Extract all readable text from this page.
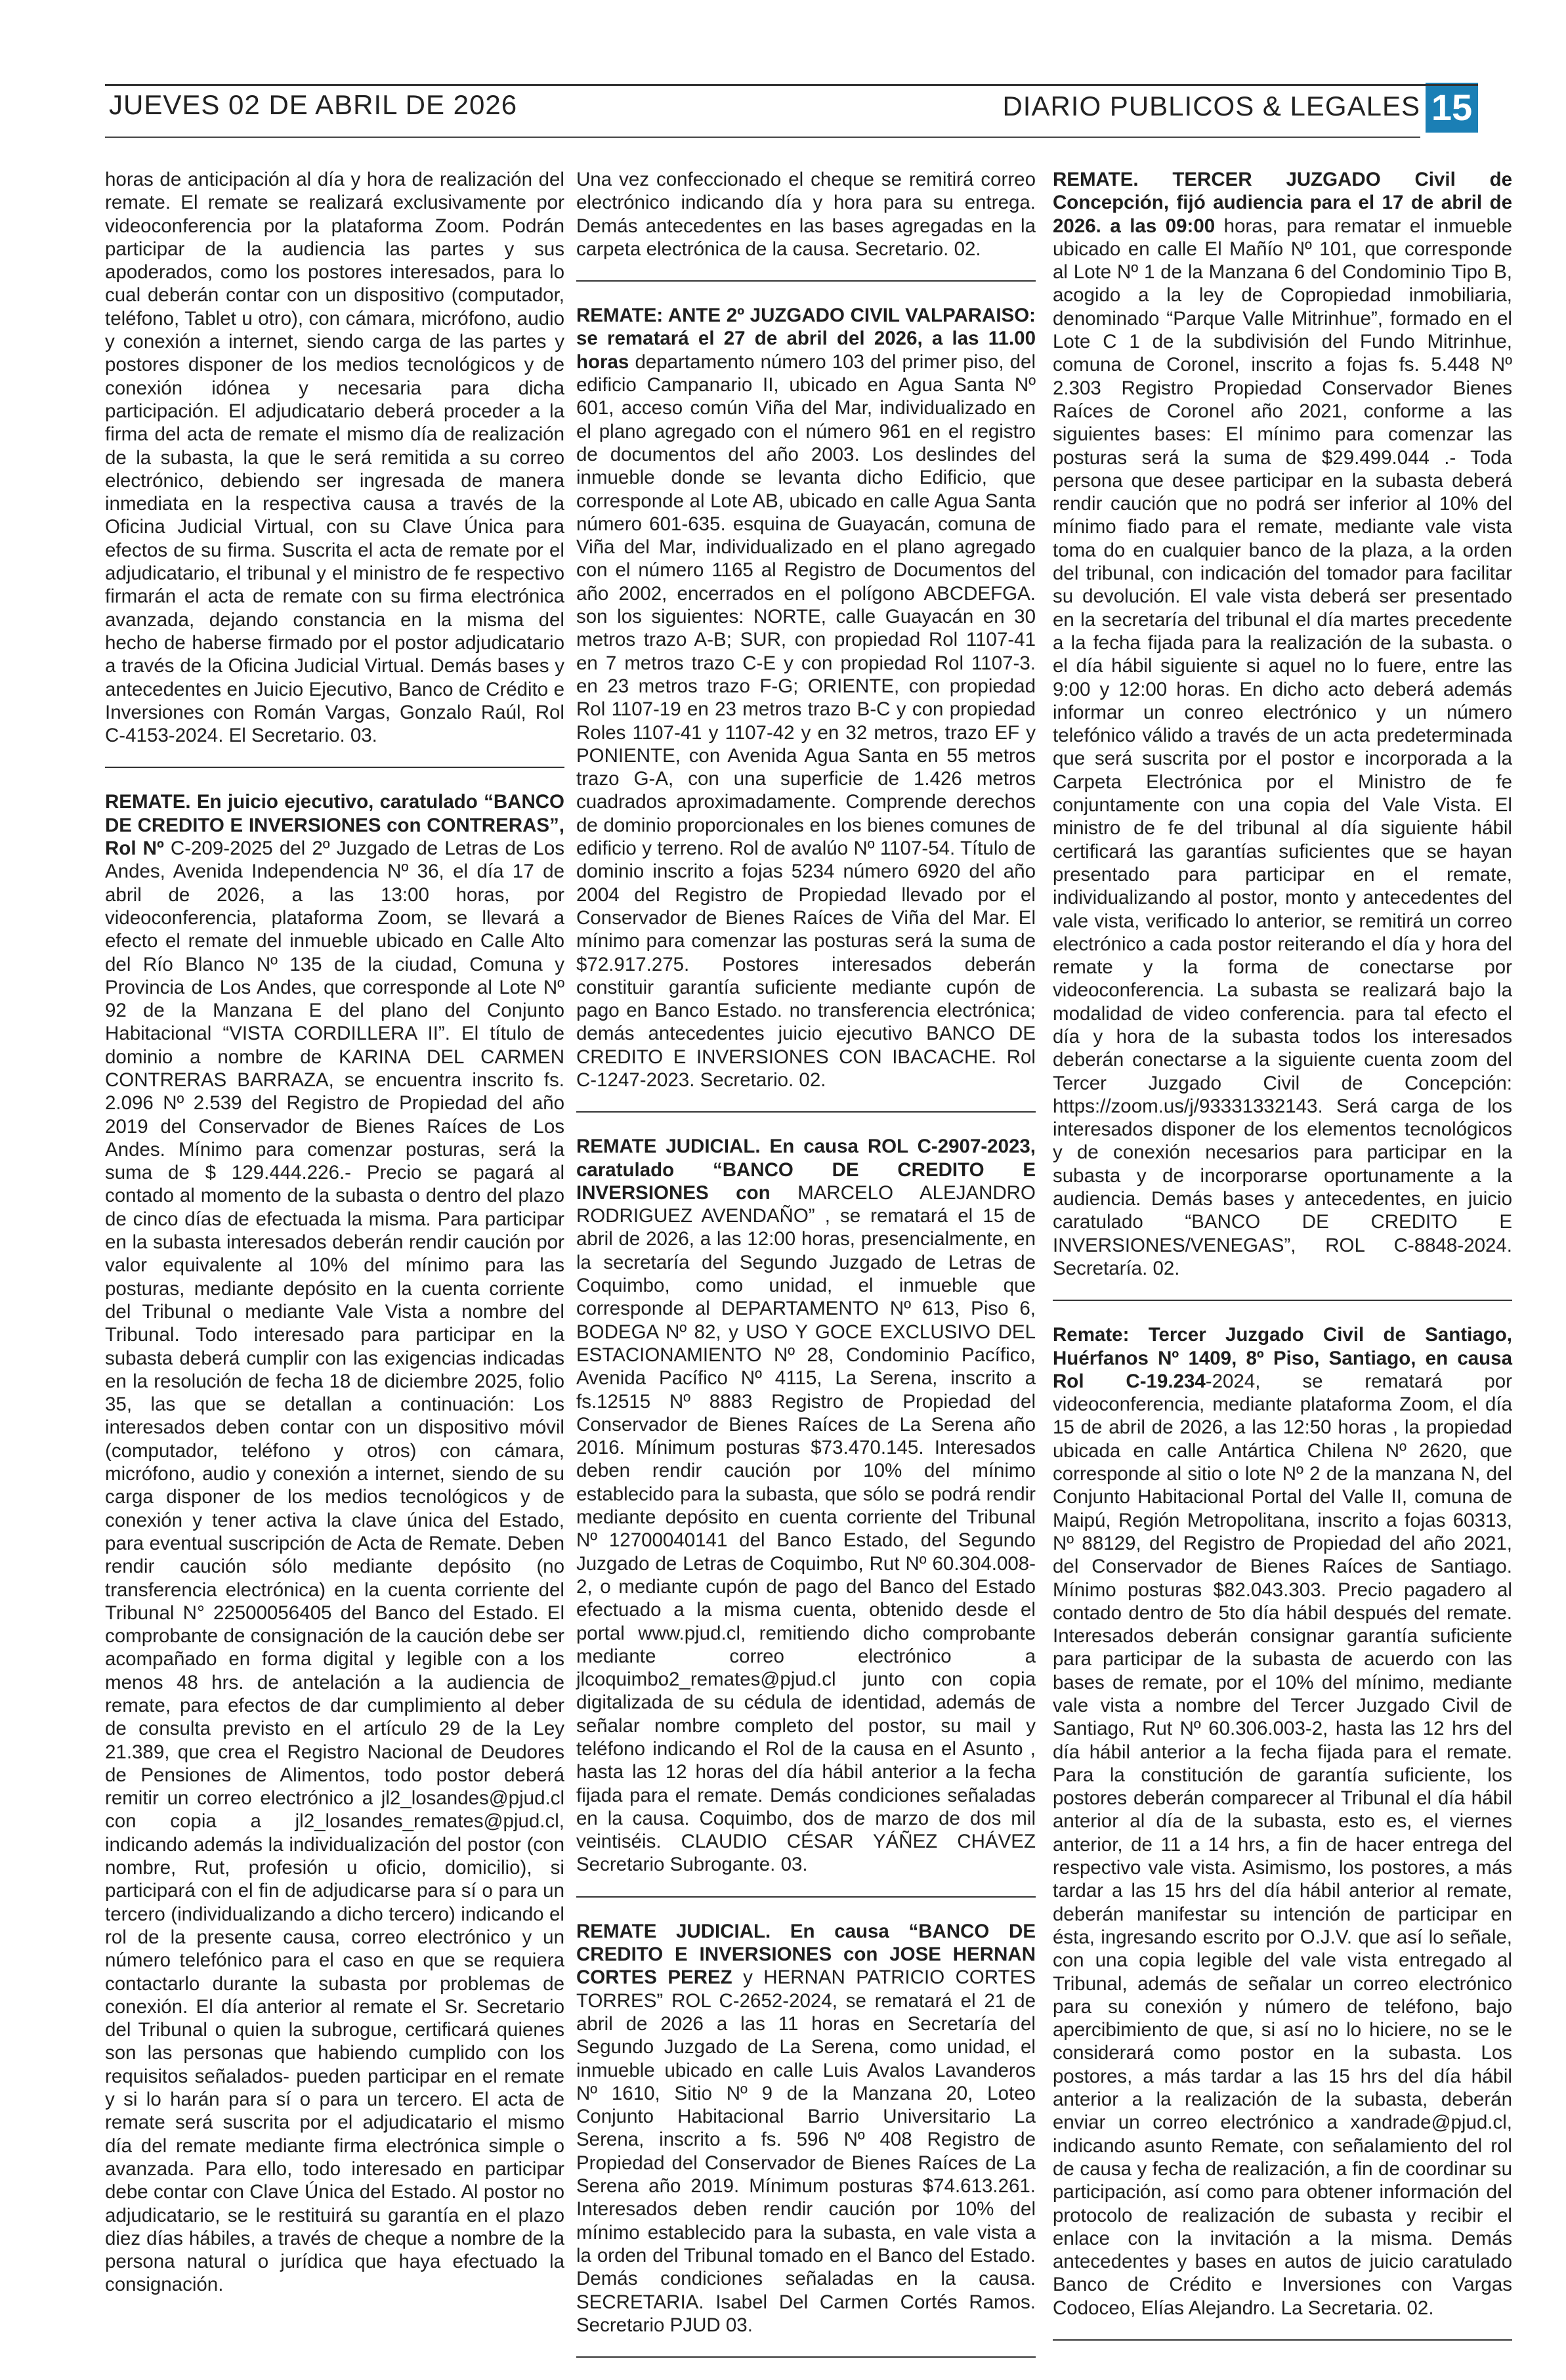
JUEVES 02 DE ABRIL DE 2026	DIARIO PUBLICOS & LEGALES 15

horas de anticipación al día y hora de realización del remate. El remate se realizará exclusivamente por videoconferencia por la plataforma Zoom. Podrán participar de la audiencia las partes y sus apoderados, como los postores interesados, para lo cual deberán contar con un dispositivo (computador, teléfono, Tablet u otro), con cámara, micrófono, audio y conexión a internet, siendo carga de las partes y postores disponer de los medios tecnológicos y de conexión idónea y necesaria para dicha participación. El adjudicatario deberá proceder a la firma del acta de remate el mismo día de realización de la subasta, la que le será remitida a su correo electrónico, debiendo ser ingresada de manera inmediata en la respectiva causa a través de la Oficina Judicial Virtual, con su Clave Única para efectos de su firma. Suscrita el acta de remate por el adjudicatario, el tribunal y el ministro de fe respectivo firmarán el acta de remate con su firma electrónica avanzada, dejando constancia en la misma del hecho de haberse firmado por el postor adjudicatario a través de la Oficina Judicial Virtual. Demás bases y antecedentes en Juicio Ejecutivo, Banco de Crédito e Inversiones con Román Vargas, Gonzalo Raúl, Rol C-4153-2024. El Secretario. 03.

REMATE. En juicio ejecutivo, caratulado “BANCO DE CREDITO E INVERSIONES con CONTRERAS”, Rol Nº C-209-2025 del 2º Juzgado de Letras de Los Andes, Avenida Independencia Nº 36, el día 17 de abril de 2026, a las 13:00 horas, por videoconferencia, plataforma Zoom, se llevará a efecto el remate del inmueble ubicado en Calle Alto del Río Blanco Nº 135 de la ciudad, Comuna y Provincia de Los Andes, que corresponde al Lote Nº 92 de la Manzana E del plano del Conjunto Habitacional “VISTA CORDILLERA II”. El título de dominio a nombre de KARINA DEL CARMEN CONTRERAS BARRAZA, se encuentra inscrito fs. 2.096 Nº 2.539 del Registro de Propiedad del año 2019 del Conservador de Bienes Raíces de Los Andes. Mínimo para comenzar posturas, será la suma de $ 129.444.226.- Precio se pagará al contado al momento de la subasta o dentro del plazo de cinco días de efectuada la misma. Para participar en la subasta interesados deberán rendir caución por valor equivalente al 10% del mínimo para las posturas, mediante depósito en la cuenta corriente del Tribunal o mediante Vale Vista a nombre del Tribunal. Todo interesado para participar en la subasta deberá cumplir con las exigencias indicadas en la resolución de fecha 18 de diciembre 2025, folio 35, las que se detallan a continuación: Los interesados deben contar con un dispositivo móvil (computador, teléfono y otros) con cámara, micrófono, audio y conexión a internet, siendo de su carga disponer de los medios tecnológicos y de conexión y tener activa la clave única del Estado, para eventual suscripción de Acta de Remate. Deben rendir caución sólo mediante depósito (no transferencia electrónica) en la cuenta corriente del Tribunal N° 22500056405 del Banco del Estado. El comprobante de consignación de la caución debe ser acompañado en forma digital y legible con a los menos 48 hrs. de antelación a la audiencia de remate, para efectos de dar cumplimiento al deber de consulta previsto en el artículo 29 de la Ley 21.389, que crea el Registro Nacional de Deudores de Pensiones de Alimentos, todo postor deberá remitir un correo electrónico a jl2_losandes@pjud.cl con copia a jl2_losandes_remates@pjud.cl, indicando además la individualización del postor (con nombre, Rut, profesión u oficio, domicilio), si participará con el fin de adjudicarse para sí o para un tercero (individualizando a dicho tercero) indicando el rol de la presente causa, correo electrónico y un número telefónico para el caso en que se requiera contactarlo durante la subasta por problemas de conexión. El día anterior al remate el Sr. Secretario del Tribunal o quien la subrogue, certificará quienes son las personas que habiendo cumplido con los requisitos señalados- pueden participar en el remate y si lo harán para sí o para un tercero. El acta de remate será suscrita por el adjudicatario el mismo día del remate mediante firma electrónica simple o avanzada. Para ello, todo interesado en participar debe contar con Clave Única del Estado. Al postor no adjudicatario, se le restituirá su garantía en el plazo diez días hábiles, a través de cheque a nombre de la persona natural o jurídica que haya efectuado la consignación.

Una vez confeccionado el cheque se remitirá correo electrónico indicando día y hora para su entrega. Demás antecedentes en las bases agregadas en la carpeta electrónica de la causa. Secretario. 02.

REMATE: ANTE 2º JUZGADO CIVIL VALPARAISO: se rematará el 27 de abril del 2026, a las 11.00 horas departamento número 103 del primer piso, del edificio Campanario II, ubicado en Agua Santa Nº 601, acceso común Viña del Mar, individualizado en el plano agregado con el número 961 en el registro de documentos del año 2003. Los deslindes del inmueble donde se levanta dicho Edificio, que corresponde al Lote AB, ubicado en calle Agua Santa número 601-635. esquina de Guayacán, comuna de Viña del Mar, individualizado en el plano agregado con el número 1165 al Registro de Documentos del año 2002, encerrados en el polígono ABCDEFGA. son los siguientes: NORTE, calle Guayacán en 30 metros trazo A-B; SUR, con propiedad Rol 1107-41 en 7 metros trazo C-E y con propiedad Rol 1107-3. en 23 metros trazo F-G; ORIENTE, con propiedad Rol 1107-19 en 23 metros trazo B-C y con propiedad Roles 1107-41 y 1107-42 y en 32 metros, trazo EF y PONIENTE, con Avenida Agua Santa en 55 metros trazo G-A, con una superficie de 1.426 metros cuadrados aproximadamente. Comprende derechos de dominio proporcionales en los bienes comunes de edificio y terreno. Rol de avalúo Nº 1107-54. Título de dominio inscrito a fojas 5234 número 6920 del año 2004 del Registro de Propiedad llevado por el Conservador de Bienes Raíces de Viña del Mar. El mínimo para comenzar las posturas será la suma de $72.917.275. Postores interesados deberán constituir garantía suficiente mediante cupón de pago en Banco Estado. no transferencia electrónica; demás antecedentes juicio ejecutivo BANCO DE CREDITO E INVERSIONES CON IBACACHE. Rol C-1247-2023. Secretario. 02.

REMATE JUDICIAL. En causa ROL C-2907-2023, caratulado “BANCO DE CREDITO E INVERSIONES con MARCELO ALEJANDRO RODRIGUEZ AVENDAÑO” , se rematará el 15 de abril de 2026, a las 12:00 horas, presencialmente, en la secretaría del Segundo Juzgado de Letras de Coquimbo, como unidad, el inmueble que corresponde al DEPARTAMENTO Nº 613, Piso 6, BODEGA Nº 82, y USO Y GOCE EXCLUSIVO DEL ESTACIONAMIENTO Nº 28, Condominio Pacífico, Avenida Pacífico Nº 4115, La Serena, inscrito a fs.12515 Nº 8883 Registro de Propiedad del Conservador de Bienes Raíces de La Serena año 2016. Mínimum posturas $73.470.145. Interesados deben rendir caución por 10% del mínimo establecido para la subasta, que sólo se podrá rendir mediante depósito en cuenta corriente del Tribunal Nº 12700040141 del Banco Estado, del Segundo Juzgado de Letras de Coquimbo, Rut Nº 60.304.008-2, o mediante cupón de pago del Banco del Estado efectuado a la misma cuenta, obtenido desde el portal www.pjud.cl, remitiendo dicho comprobante mediante correo electrónico a jlcoquimbo2_remates@pjud.cl junto con copia digitalizada de su cédula de identidad, además de señalar nombre completo del postor, su mail y teléfono indicando el Rol de la causa en el Asunto , hasta las 12 horas del día hábil anterior a la fecha fijada para el remate. Demás condiciones señaladas en la causa. Coquimbo, dos de marzo de dos mil veintiséis. CLAUDIO CÉSAR YÁÑEZ CHÁVEZ Secretario Subrogante. 03.

REMATE JUDICIAL. En causa “BANCO DE CREDITO E INVERSIONES con JOSE HERNAN CORTES PEREZ y HERNAN PATRICIO CORTES TORRES” ROL C-2652-2024, se rematará el 21 de abril de 2026 a las 11 horas en Secretaría del Segundo Juzgado de La Serena, como unidad, el inmueble ubicado en calle Luis Avalos Lavanderos Nº 1610, Sitio Nº 9 de la Manzana 20, Loteo Conjunto Habitacional Barrio Universitario La Serena, inscrito a fs. 596 Nº 408 Registro de Propiedad del Conservador de Bienes Raíces de La Serena año 2019. Mínimum posturas $74.613.261. Interesados deben rendir caución por 10% del mínimo establecido para la subasta, en vale vista a la orden del Tribunal tomado en el Banco del Estado. Demás condiciones señaladas en la causa. SECRETARIA. Isabel Del Carmen Cortés Ramos. Secretario PJUD 03.

REMATE. TERCER JUZGADO Civil de Concepción, fijó audiencia para el 17 de abril de 2026. a las 09:00 horas, para rematar el inmueble ubicado en calle El Mañío Nº 101, que corresponde al Lote Nº 1 de la Manzana 6 del Condominio Tipo B, acogido a la ley de Copropiedad inmobiliaria, denominado “Parque Valle Mitrinhue”, formado en el Lote C 1 de la subdivisión del Fundo Mitrinhue, comuna de Coronel, inscrito a fojas fs. 5.448 Nº 2.303 Registro Propiedad Conservador Bienes Raíces de Coronel año 2021, conforme a las siguientes bases: El mínimo para comenzar las posturas será la suma de $29.499.044 .- Toda persona que desee participar en la subasta deberá rendir caución que no podrá ser inferior al 10% del mínimo fiado para el remate, mediante vale vista toma do en cualquier banco de la plaza, a la orden del tribunal, con indicación del tomador para facilitar su devolución. El vale vista deberá ser presentado en la secretaría del tribunal el día martes precedente a la fecha fijada para la realización de la subasta. o el día hábil siguiente si aquel no lo fuere, entre las 9:00 y 12:00 horas. En dicho acto deberá además informar un conreo electrónico y un número telefónico válido a través de un acta predeterminada que será suscrita por el postor e incorporada a la Carpeta Electrónica por el Ministro de fe conjuntamente con una copia del Vale Vista. El ministro de fe del tribunal al día siguiente hábil certificará las garantías suficientes que se hayan presentado para participar en el remate, individualizando al postor, monto y antecedentes del vale vista, verificado lo anterior, se remitirá un correo electrónico a cada postor reiterando el día y hora del remate y la forma de conectarse por videoconferencia. La subasta se realizará bajo la modalidad de video conferencia. para tal efecto el día y hora de la subasta todos los interesados deberán conectarse a la siguiente cuenta zoom del Tercer Juzgado Civil de Concepción: https://zoom.us/j/93331332143. Será carga de los interesados disponer de los elementos tecnológicos y de conexión necesarios para participar en la subasta y de incorporarse oportunamente a la audiencia. Demás bases y antecedentes, en juicio caratulado “BANCO DE CREDITO E INVERSIONES/VENEGAS”, ROL C-8848-2024. Secretaría. 02.

Remate: Tercer Juzgado Civil de Santiago, Huérfanos Nº 1409, 8º Piso, Santiago, en causa Rol C-19.234-2024, se rematará por videoconferencia, mediante plataforma Zoom, el día 15 de abril de 2026, a las 12:50 horas , la propiedad ubicada en calle Antártica Chilena Nº 2620, que corresponde al sitio o lote Nº 2 de la manzana N, del Conjunto Habitacional Portal del Valle II, comuna de Maipú, Región Metropolitana, inscrito a fojas 60313, Nº 88129, del Registro de Propiedad del año 2021, del Conservador de Bienes Raíces de Santiago. Mínimo posturas $82.043.303. Precio pagadero al contado dentro de 5to día hábil después del remate. Interesados deberán consignar garantía suficiente para participar de la subasta de acuerdo con las bases de remate, por el 10% del mínimo, mediante vale vista a nombre del Tercer Juzgado Civil de Santiago, Rut Nº 60.306.003-2, hasta las 12 hrs del día hábil anterior a la fecha fijada para el remate. Para la constitución de garantía suficiente, los postores deberán comparecer al Tribunal el día hábil anterior al día de la subasta, esto es, el viernes anterior, de 11 a 14 hrs, a fin de hacer entrega del respectivo vale vista. Asimismo, los postores, a más tardar a las 15 hrs del día hábil anterior al remate, deberán manifestar su intención de participar en ésta, ingresando escrito por O.J.V. que así lo señale, con una copia legible del vale vista entregado al Tribunal, además de señalar un correo electrónico para su conexión y número de teléfono, bajo apercibimiento de que, si así no lo hiciere, no se le considerará como postor en la subasta. Los postores, a más tardar a las 15 hrs del día hábil anterior a la realización de la subasta, deberán enviar un correo electrónico a xandrade@pjud.cl, indicando asunto Remate, con señalamiento del rol de causa y fecha de realización, a fin de coordinar su participación, así como para obtener información del protocolo de realización de subasta y recibir el enlace con la invitación a la misma. Demás antecedentes y bases en autos de juicio caratulado Banco de Crédito e Inversiones con Vargas Codoceo, Elías Alejandro. La Secretaria. 02.
